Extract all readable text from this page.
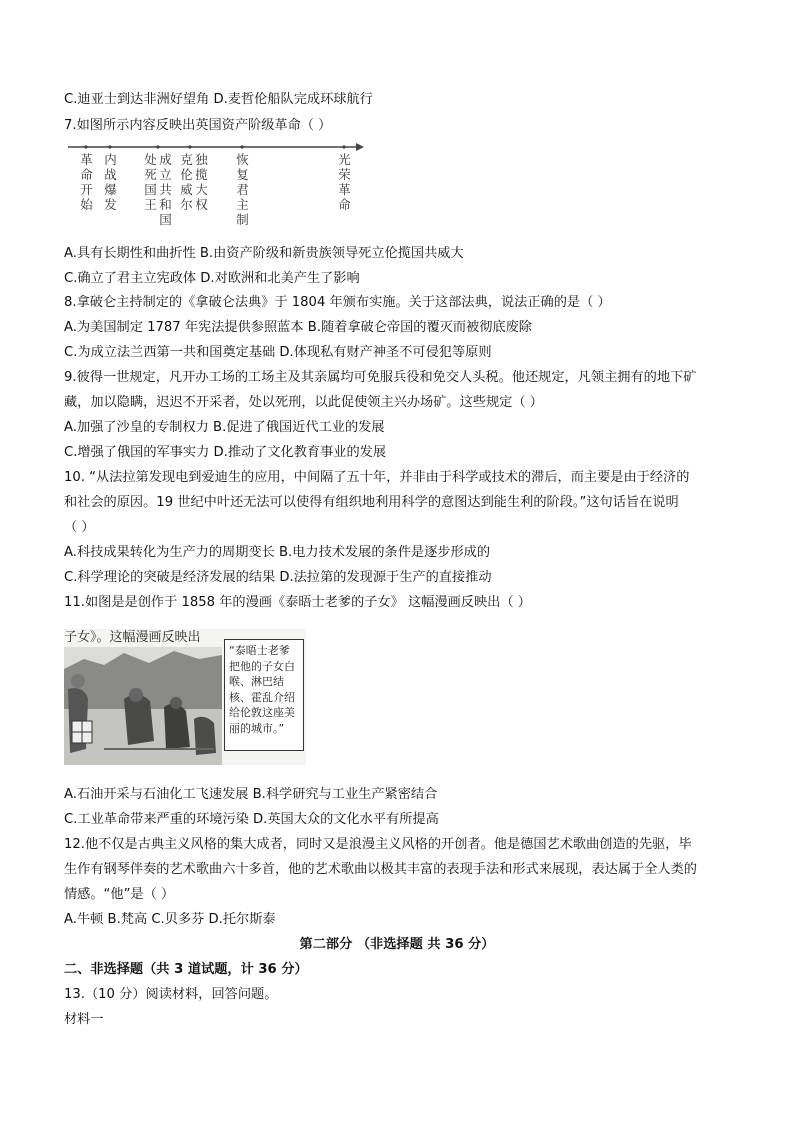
C.迪亚士到达非洲好望角 D.麦哲伦船队完成环球航行
7.如图所示内容反映出英国资产阶级革命（ ）
革命开始
内战爆发
处死国王
成立共和国
克伦威尔
独揽大权
恢复君主制
光荣革命
A.具有长期性和曲折性 B.由资产阶级和新贵族领导死立伦揽国共威大
C.确立了君主立宪政体 D.对欧洲和北美产生了影响
8.拿破仑主持制定的《拿破仑法典》于 1804 年颁布实施。关于这部法典，说法正确的是（ ）
A.为美国制定 1787 年宪法提供参照蓝本 B.随着拿破仑帝国的覆灭而被彻底废除
C.为成立法兰西第一共和国奠定基础 D.体现私有财产神圣不可侵犯等原则
9.彼得一世规定，凡开办工场的工场主及其亲属均可免服兵役和免交人头税。他还规定，凡领主拥有的地下矿
藏，加以隐瞒，迟迟不开采者，处以死刑，以此促使领主兴办场矿。这些规定（ ）
A.加强了沙皇的专制权力 B.促进了俄国近代工业的发展
C.增强了俄国的军事实力 D.推动了文化教育事业的发展
10. “从法拉第发现电到爱迪生的应用，中间隔了五十年，并非由于科学或技术的滞后，而主要是由于经济的
和社会的原因。19 世纪中叶还无法可以使得有组织地利用科学的意图达到能生利的阶段。”这句话旨在说明
（ ）
A.科技成果转化为生产力的周期变长 B.电力技术发展的条件是逐步形成的
C.科学理论的突破是经济发展的结果 D.法拉第的发现源于生产的直接推动
11.如图是是创作于 1858 年的漫画《泰晤士老爹的子女》 这幅漫画反映出（ ）
子女》。这幅漫画反映出
“泰晤士老爹把他的子女白喉、淋巴结核、霍乱介绍给伦敦这座美丽的城市。”
A.石油开采与石油化工飞速发展 B.科学研究与工业生产紧密结合
C.工业革命带来严重的环境污染 D.英国大众的文化水平有所提高
12.他不仅是古典主义风格的集大成者，同时又是浪漫主义风格的开创者。他是德国艺术歌曲创造的先驱，毕
生作有钢琴伴奏的艺术歌曲六十多首，他的艺术歌曲以极其丰富的表现手法和形式来展现，表达属于全人类的
情感。“他”是（ ）
A.牛顿 B.梵高 C.贝多芬 D.托尔斯泰
第二部分 （非选择题 共 36 分）
二、非选择题（共 3 道试题，计 36 分）
13.（10 分）阅读材料，回答问题。
材料一
